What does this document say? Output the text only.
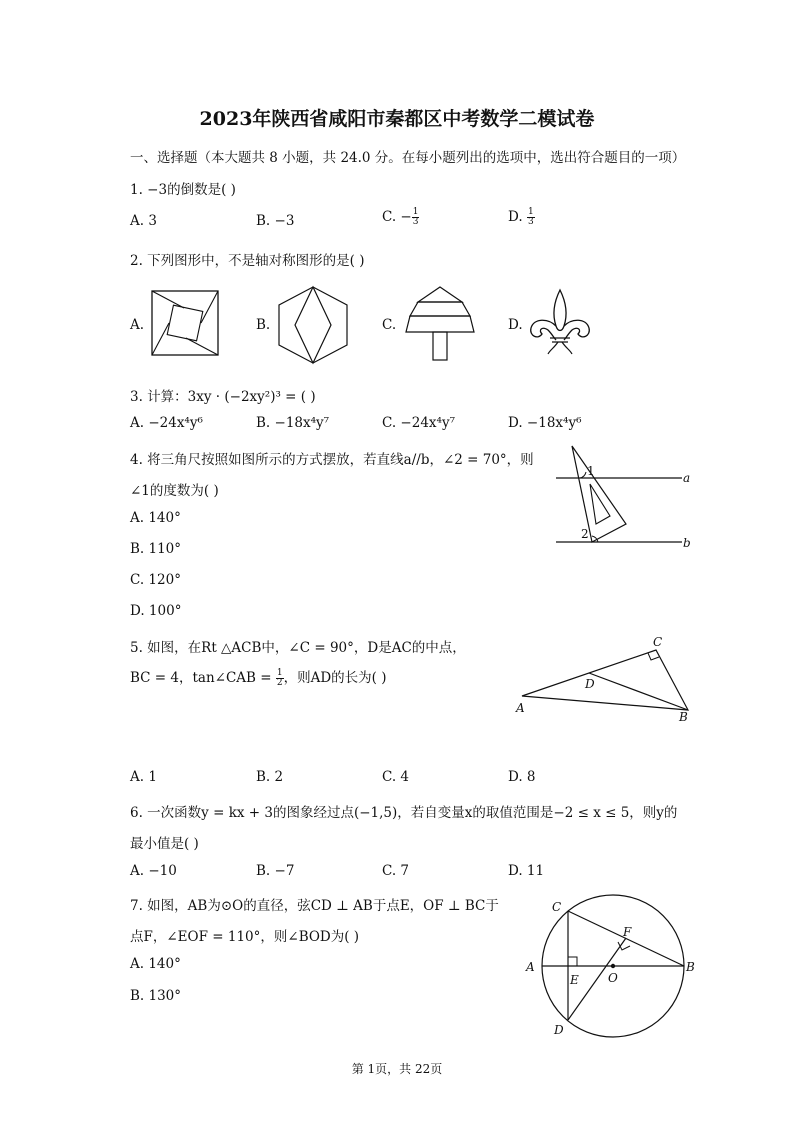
2023年陕西省咸阳市秦都区中考数学二模试卷
一、选择题（本大题共 8 小题，共 24.0 分。在每小题列出的选项中，选出符合题目的一项）
1. −3的倒数是( )
A. 3	B. −3	C. − $\frac{1}{3}$	D. $\frac{1}{3}$
2. 下列图形中，不是轴对称图形的是( )
A.	B.	C.	D.
3. 计算：3xy · (−2xy²)³ = ( )
A. −24x⁴y⁶	B. −18x⁴y⁷	C. −24x⁴y⁷	D. −18x⁴y⁶
4. 将三角尺按照如图所示的方式摆放，若直线a//b，∠2 = 70°，则
∠1的度数为( )
A. 140°
B. 110°
C. 120°
D. 100°
1
2
a
b
5. 如图，在Rt △ACB中，∠C = 90°，D是AC的中点，
BC = 4，tan∠CAB = $\frac{1}{2}$ ，则AD的长为( )
C
D
A
B
A. 1	B. 2	C. 4	D. 8
6. 一次函数y = kx + 3的图象经过点(−1,5)，若自变量x的取值范围是−2 ≤ x ≤ 5，则y的
最小值是( )
A. −10	B. −7	C. 7	D. 11
7. 如图，AB为⊙O的直径，弦CD ⊥ AB于点E，OF ⊥ BC于
点F，∠EOF = 110°，则∠BOD为( )
A. 140°
B. 130°
C
F
A	B
O
E
D
第 1页，共 22页
